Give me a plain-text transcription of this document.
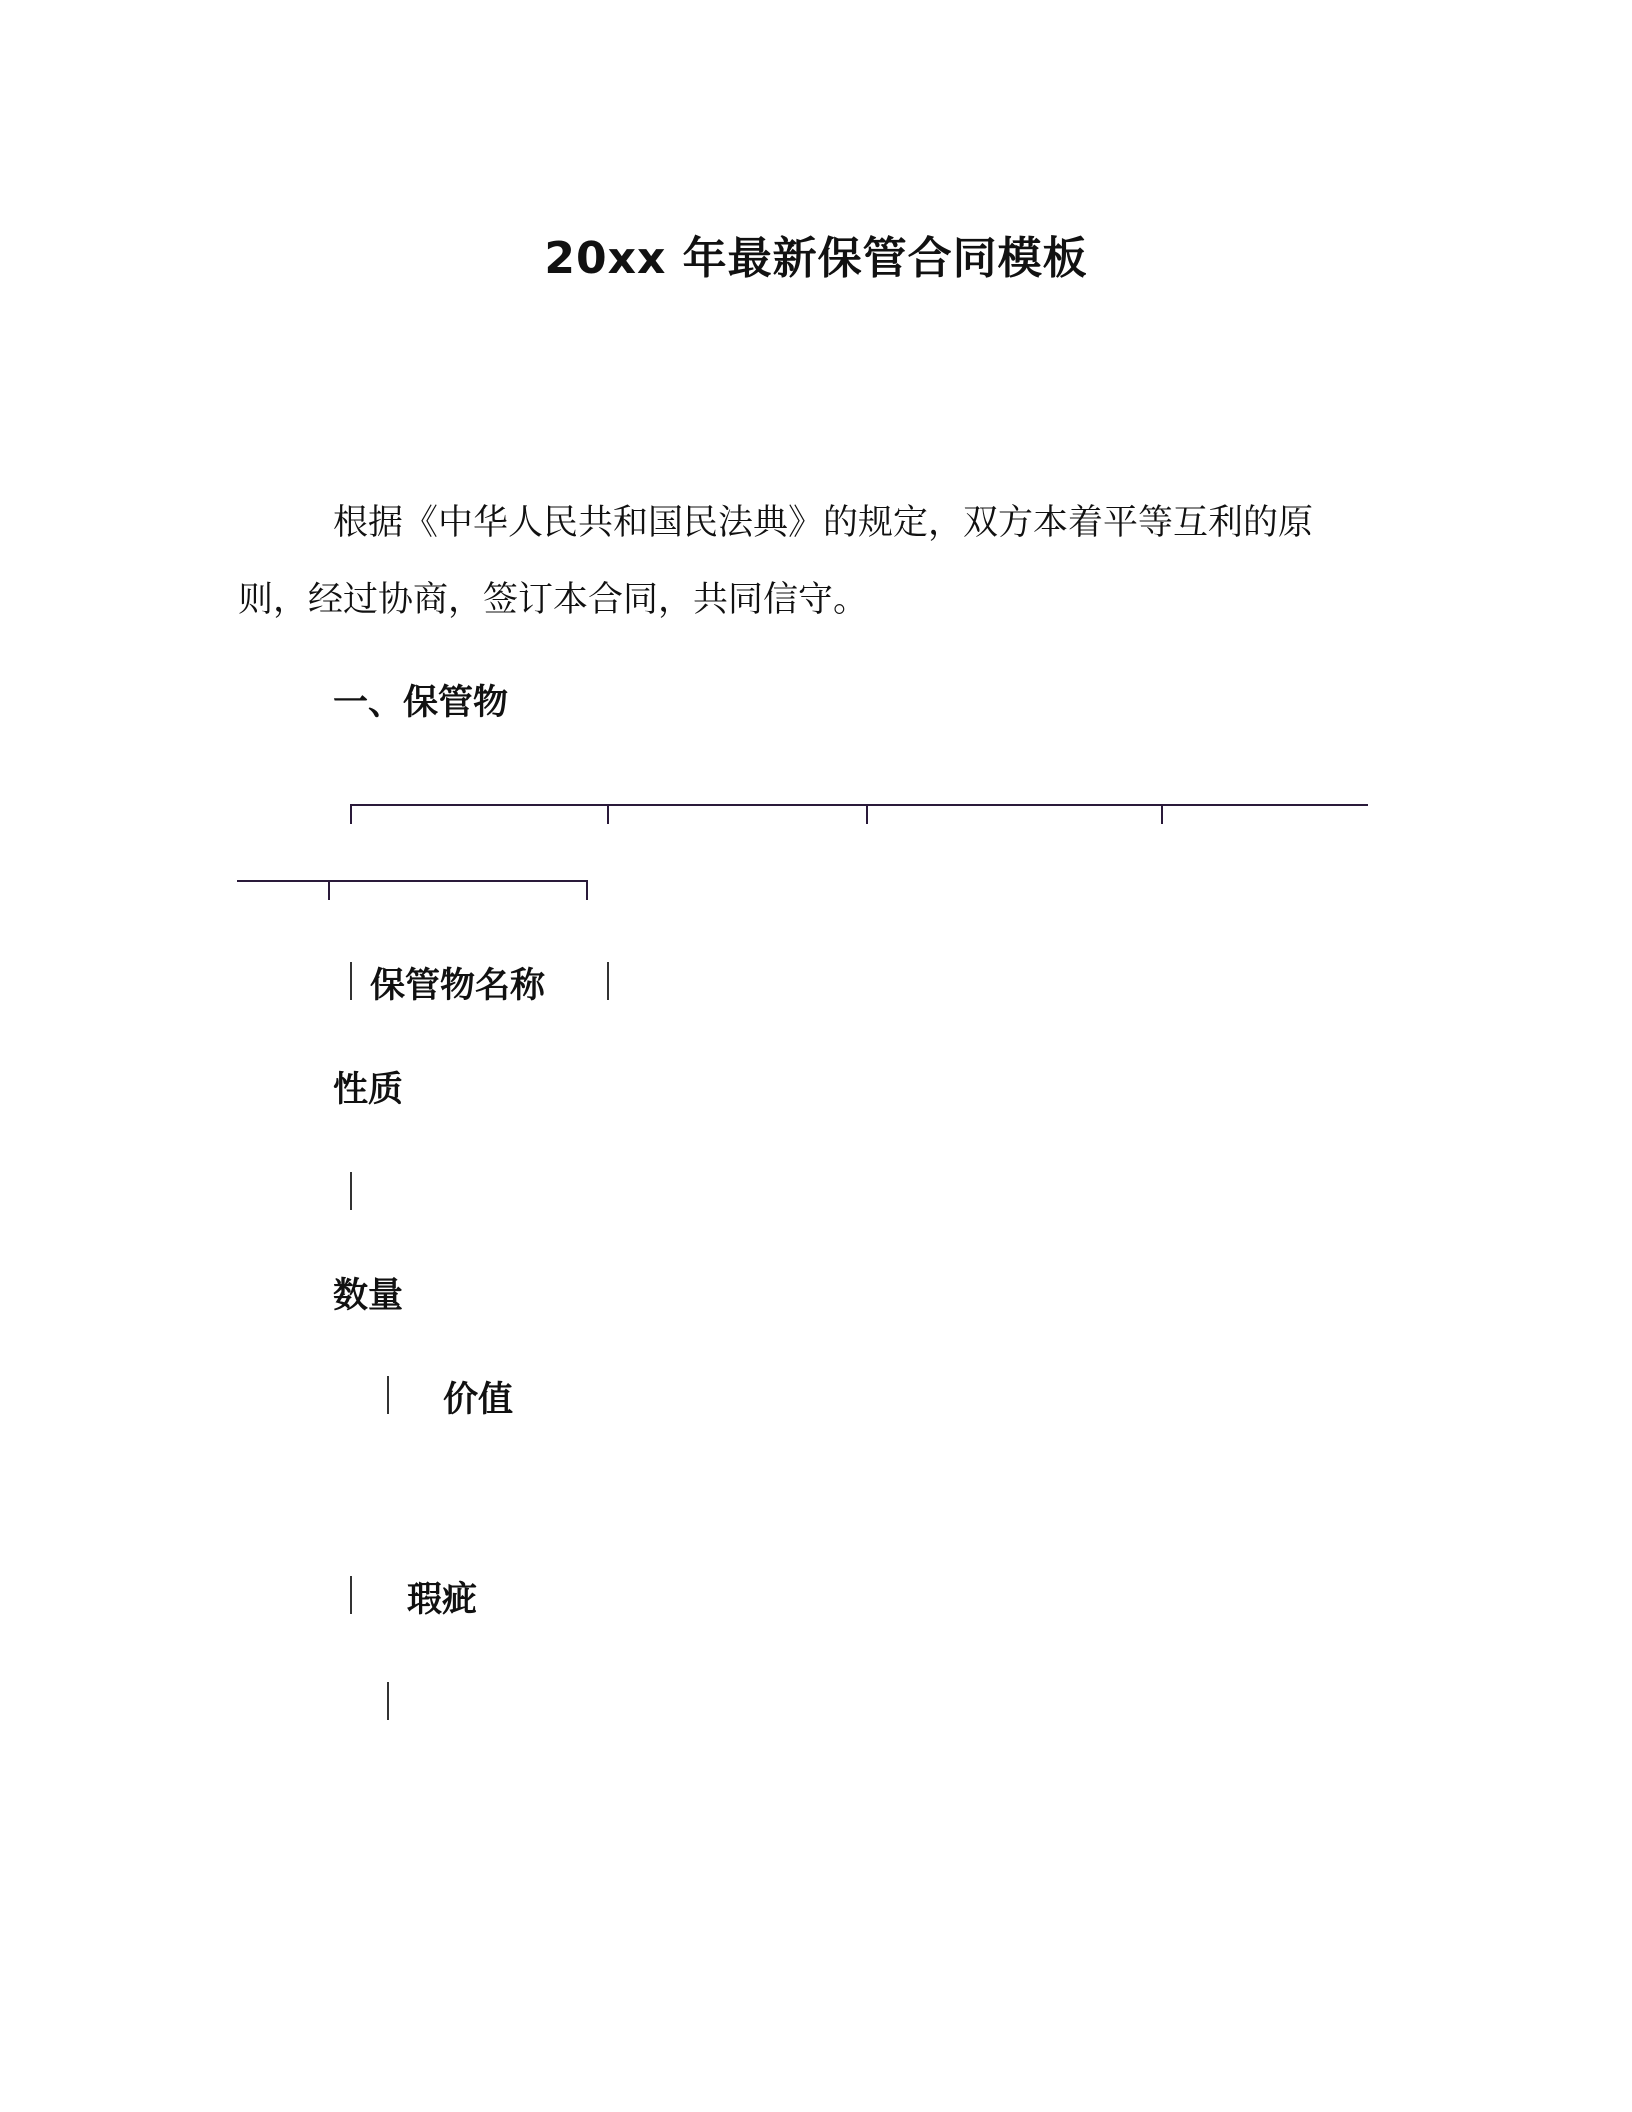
20xx 年最新保管合同模板
根据《中华人民共和国民法典》的规定，双方本着平等互利的原
则，经过协商，签订本合同，共同信守。
一、保管物
保管物名称
性质
数量
价值
瑕疵
